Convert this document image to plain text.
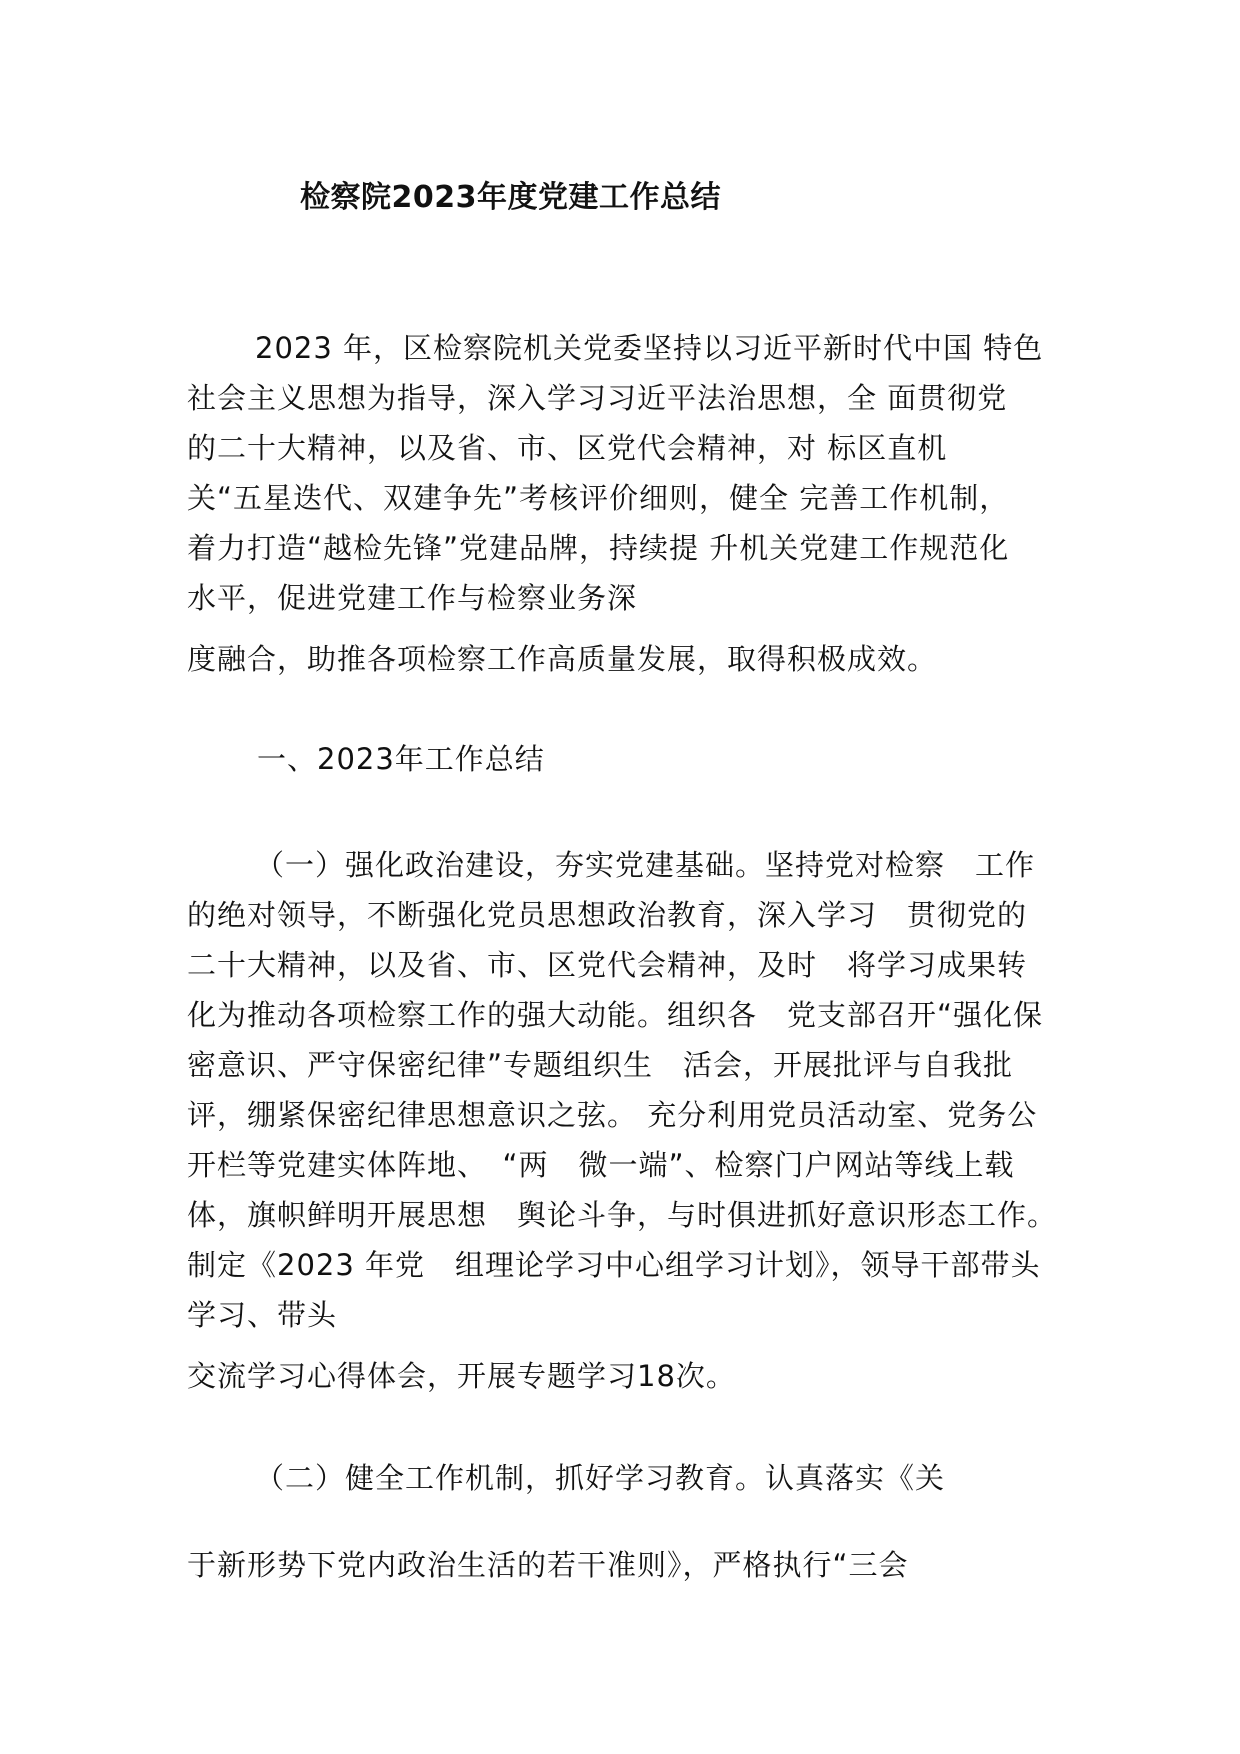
检察院2023年度党建工作总结
2023 年，区检察院机关党委坚持以习近平新时代中国 特色
社会主义思想为指导，深入学习习近平法治思想，全 面贯彻党
的二十大精神，以及省、市、区党代会精神，对 标区直机
关“五星迭代、双建争先”考核评价细则，健全 完善工作机制，
着力打造“越检先锋”党建品牌，持续提 升机关党建工作规范化
水平，促进党建工作与检察业务深
度融合，助推各项检察工作高质量发展，取得积极成效。
一、2023年工作总结
（一）强化政治建设，夯实党建基础。坚持党对检察　工作
的绝对领导，不断强化党员思想政治教育，深入学习　贯彻党的
二十大精神，以及省、市、区党代会精神，及时　将学习成果转
化为推动各项检察工作的强大动能。组织各　党支部召开“强化保
密意识、严守保密纪律”专题组织生　活会，开展批评与自我批
评，绷紧保密纪律思想意识之弦。 充分利用党员活动室、党务公
开栏等党建实体阵地、　“两　微一端”、检察门户网站等线上载
体，旗帜鲜明开展思想　舆论斗争，与时俱进抓好意识形态工作。
制定《2023 年党　组理论学习中心组学习计划》，领导干部带头
学习、带头
交流学习心得体会，开展专题学习18次。
（二）健全工作机制，抓好学习教育。认真落实《关
于新形势下党内政治生活的若干准则》，严格执行“三会
